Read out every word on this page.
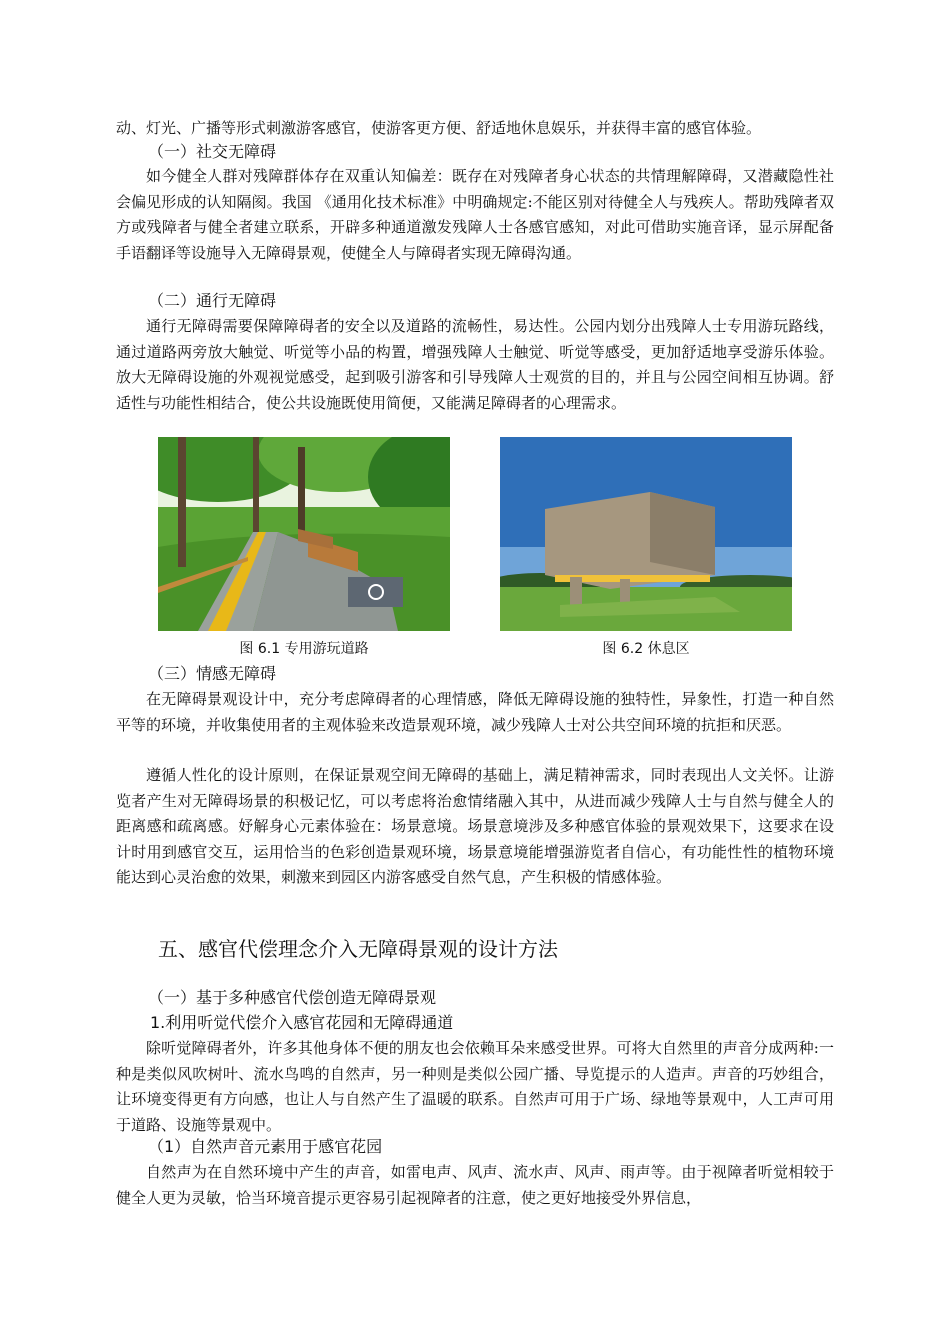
动、灯光、广播等形式刺激游客感官，使游客更方便、舒适地休息娱乐，并获得丰富的感官体验。

（一）社交无障碍

如今健全人群对残障群体存在双重认知偏差：既存在对残障者身心状态的共情理解障碍，又潜藏隐性社会偏见形成的认知隔阂。我国 《通用化技术标准》中明确规定:不能区别对待健全人与残疾人。帮助残障者双方或残障者与健全者建立联系，开辟多种通道激发残障人士各感官感知，对此可借助实施音译，显示屏配备手语翻译等设施导入无障碍景观，使健全人与障碍者实现无障碍沟通。

（二）通行无障碍

通行无障碍需要保障障碍者的安全以及道路的流畅性，易达性。公园内划分出残障人士专用游玩路线，通过道路两旁放大触觉、听觉等小品的构置，增强残障人士触觉、听觉等感受，更加舒适地享受游乐体验。放大无障碍设施的外观视觉感受，起到吸引游客和引导残障人士观赏的目的，并且与公园空间相互协调。舒适性与功能性相结合，使公共设施既使用简便，又能满足障碍者的心理需求。

图 6.1 专用游玩道路	图 6.2 休息区

（三）情感无障碍

在无障碍景观设计中，充分考虑障碍者的心理情感，降低无障碍设施的独特性，异象性，打造一种自然平等的环境，并收集使用者的主观体验来改造景观环境，减少残障人士对公共空间环境的抗拒和厌恶。

遵循人性化的设计原则，在保证景观空间无障碍的基础上，满足精神需求，同时表现出人文关怀。让游览者产生对无障碍场景的积极记忆，可以考虑将治愈情绪融入其中，从进而减少残障人士与自然与健全人的距离感和疏离感。妤解身心元素体验在：场景意境。场景意境涉及多种感官体验的景观效果下，这要求在设计时用到感官交互，运用恰当的色彩创造景观环境，场景意境能增强游览者自信心，有功能性性的植物环境能达到心灵治愈的效果，刺激来到园区内游客感受自然气息，产生积极的情感体验。

五、感官代偿理念介入无障碍景观的设计方法

（一）基于多种感官代偿创造无障碍景观

1.利用听觉代偿介入感官花园和无障碍通道

除听觉障碍者外，许多其他身体不便的朋友也会依赖耳朵来感受世界。可将大自然里的声音分成两种:一种是类似风吹树叶、流水鸟鸣的自然声，另一种则是类似公园广播、导览提示的人造声。声音的巧妙组合，让环境变得更有方向感，也让人与自然产生了温暖的联系。自然声可用于广场、绿地等景观中，人工声可用于道路、设施等景观中。

（1）自然声音元素用于感官花园

自然声为在自然环境中产生的声音，如雷电声、风声、流水声、风声、雨声等。由于视障者听觉相较于健全人更为灵敏，恰当环境音提示更容易引起视障者的注意，使之更好地接受外界信息，
